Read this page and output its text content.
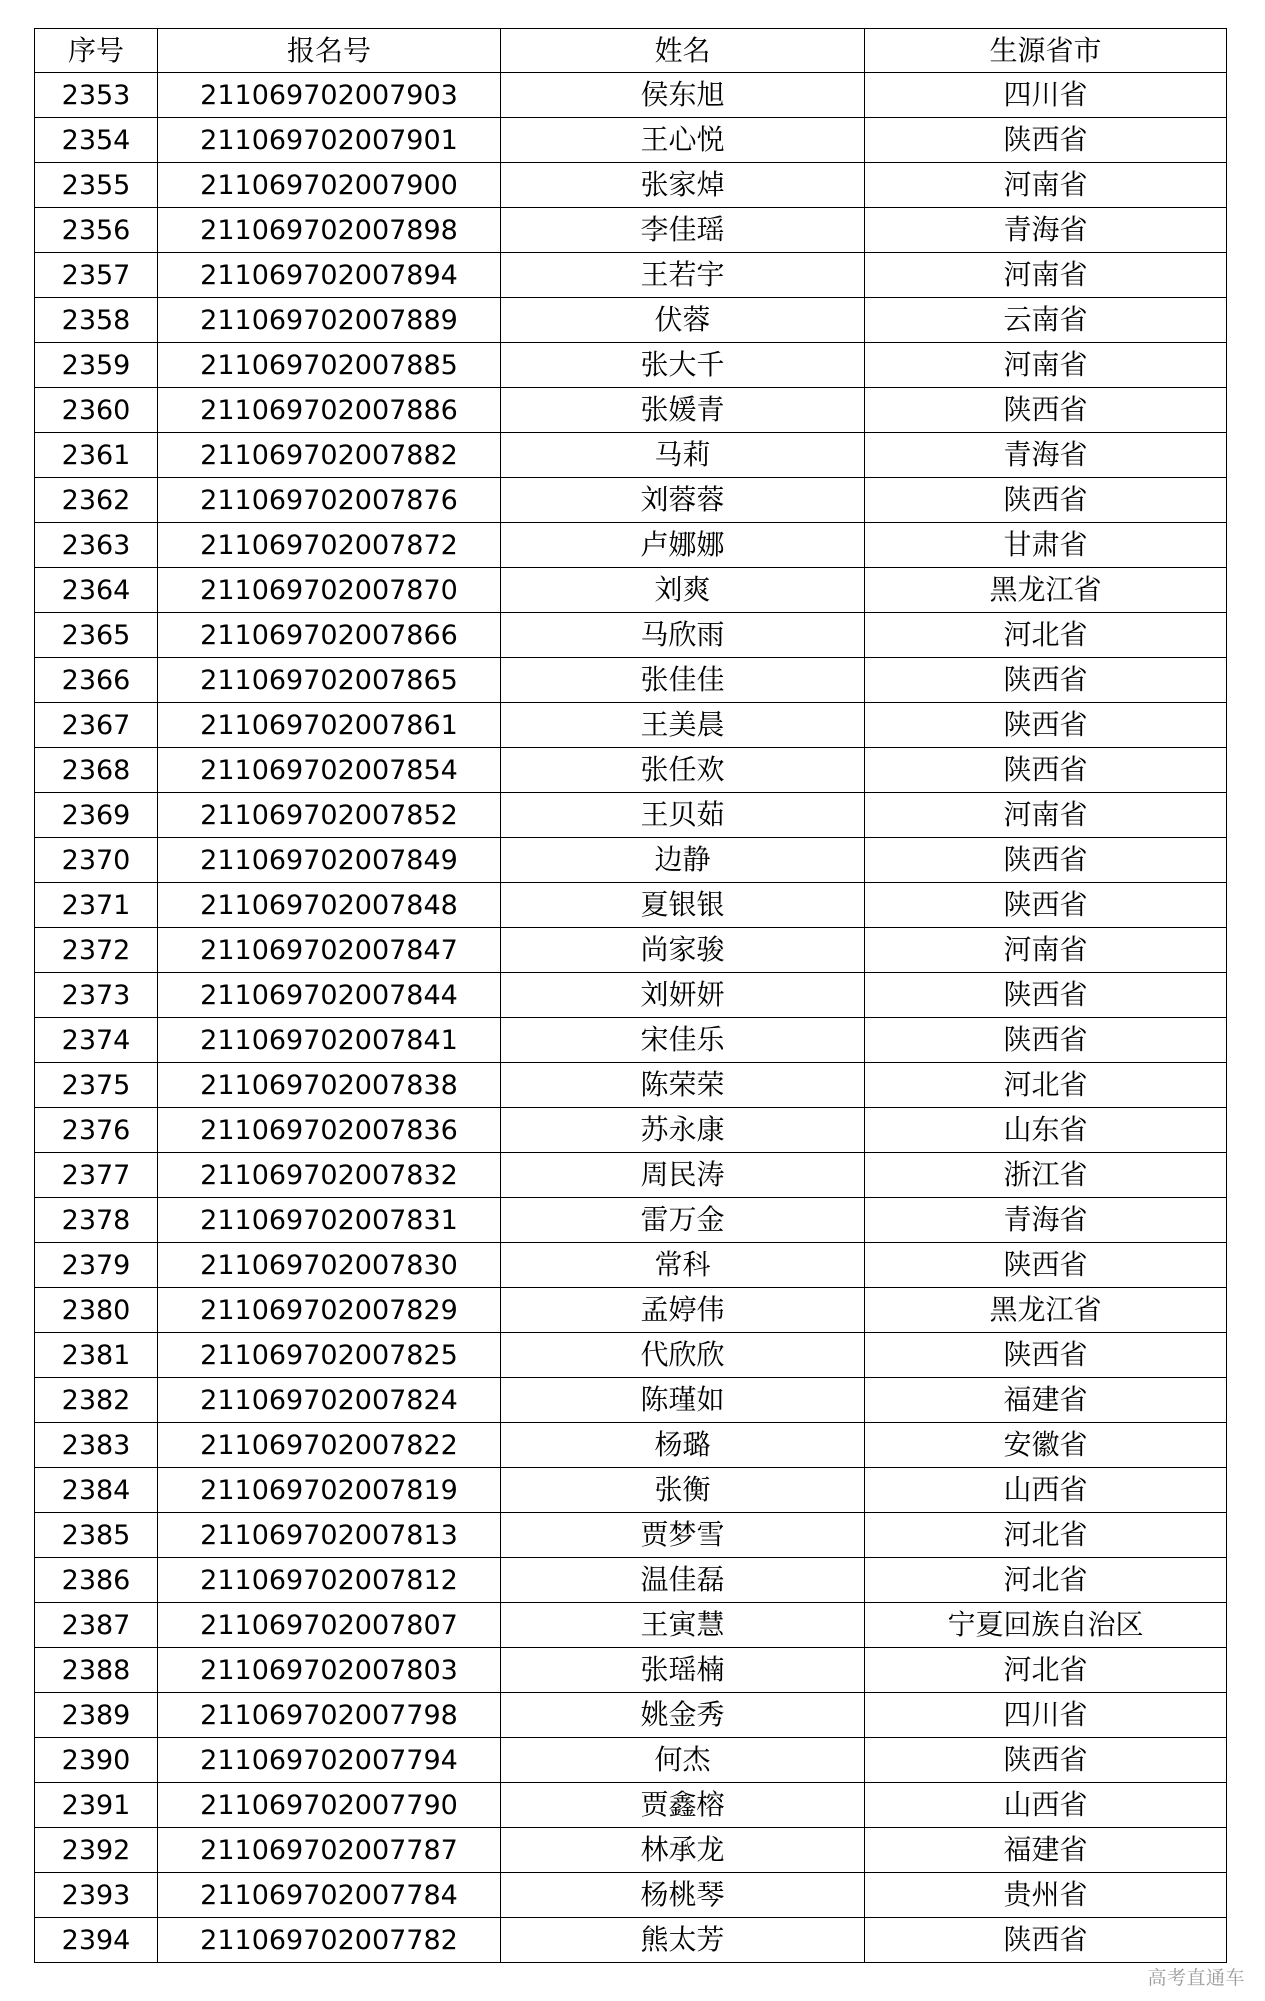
序号	报名号	姓名	生源省市
2353	211069702007903	侯东旭	四川省
2354	211069702007901	王心悦	陕西省
2355	211069702007900	张家焯	河南省
2356	211069702007898	李佳瑶	青海省
2357	211069702007894	王若宇	河南省
2358	211069702007889	伏蓉	云南省
2359	211069702007885	张大千	河南省
2360	211069702007886	张媛青	陕西省
2361	211069702007882	马莉	青海省
2362	211069702007876	刘蓉蓉	陕西省
2363	211069702007872	卢娜娜	甘肃省
2364	211069702007870	刘爽	黑龙江省
2365	211069702007866	马欣雨	河北省
2366	211069702007865	张佳佳	陕西省
2367	211069702007861	王美晨	陕西省
2368	211069702007854	张任欢	陕西省
2369	211069702007852	王贝茹	河南省
2370	211069702007849	边静	陕西省
2371	211069702007848	夏银银	陕西省
2372	211069702007847	尚家骏	河南省
2373	211069702007844	刘妍妍	陕西省
2374	211069702007841	宋佳乐	陕西省
2375	211069702007838	陈荣荣	河北省
2376	211069702007836	苏永康	山东省
2377	211069702007832	周民涛	浙江省
2378	211069702007831	雷万金	青海省
2379	211069702007830	常科	陕西省
2380	211069702007829	孟婷伟	黑龙江省
2381	211069702007825	代欣欣	陕西省
2382	211069702007824	陈瑾如	福建省
2383	211069702007822	杨璐	安徽省
2384	211069702007819	张衡	山西省
2385	211069702007813	贾梦雪	河北省
2386	211069702007812	温佳磊	河北省
2387	211069702007807	王寅慧	宁夏回族自治区
2388	211069702007803	张瑶楠	河北省
2389	211069702007798	姚金秀	四川省
2390	211069702007794	何杰	陕西省
2391	211069702007790	贾鑫榕	山西省
2392	211069702007787	林承龙	福建省
2393	211069702007784	杨桃琴	贵州省
2394	211069702007782	熊太芳	陕西省
高考直通车
